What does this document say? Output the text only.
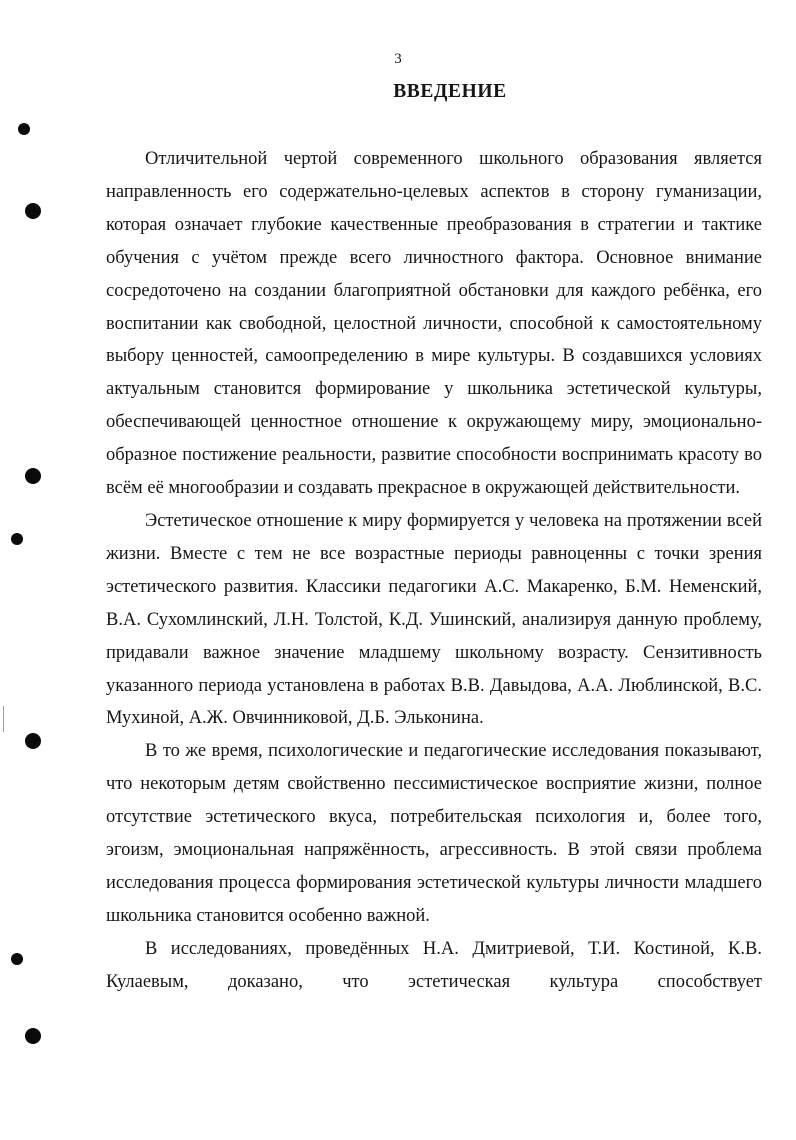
3
ВВЕДЕНИЕ

Отличительной чертой современного школьного образования является направленность его содержательно-целевых аспектов в сторону гуманизации, которая означает глубокие качественные преобразования в стратегии и тактике обучения с учётом прежде всего личностного фактора. Основное внимание сосредоточено на создании благоприятной обстановки для каждого ребёнка, его воспитании как свободной, целостной личности, способной к самостоятельному выбору ценностей, самоопределению в мире культуры. В создавшихся условиях актуальным становится формирование у школьника эстетической культуры, обеспечивающей ценностное отношение к окружающему миру, эмоционально-образное постижение реальности, развитие способности воспринимать красоту во всём её многообразии и создавать прекрасное в окружающей действительности.

Эстетическое отношение к миру формируется у человека на протяжении всей жизни. Вместе с тем не все возрастные периоды равноценны с точки зрения эстетического развития. Классики педагогики А.С. Макаренко, Б.М. Неменский, В.А. Сухомлинский, Л.Н. Толстой, К.Д. Ушинский, анализируя данную проблему, придавали важное значение младшему школьному возрасту. Сензитивность указанного периода установлена в работах В.В. Давыдова, А.А. Люблинской, В.С. Мухиной, А.Ж. Овчинниковой, Д.Б. Эльконина.

В то же время, психологические и педагогические исследования показывают, что некоторым детям свойственно пессимистическое восприятие жизни, полное отсутствие эстетического вкуса, потребительская психология и, более того, эгоизм, эмоциональная напряжённость, агрессивность. В этой связи проблема исследования процесса формирования эстетической культуры личности младшего школьника становится особенно важной.

В исследованиях, проведённых Н.А. Дмитриевой, Т.И. Костиной, К.В. Кулаевым, доказано, что эстетическая культура способствует
